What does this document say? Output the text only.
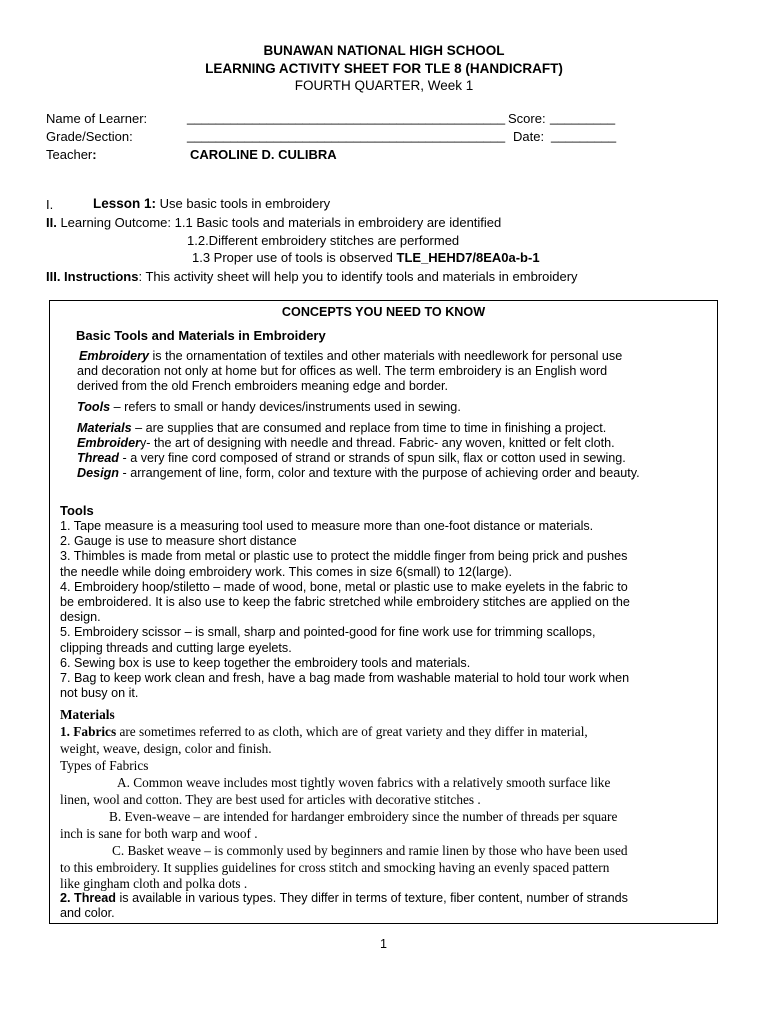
BUNAWAN NATIONAL HIGH SCHOOL
LEARNING ACTIVITY SHEET FOR TLE 8 (HANDICRAFT)
FOURTH QUARTER, Week 1
Name of Learner:	____________________________________________ Score: _________
Grade/Section:	____________________________________________ Date: _________
Teacher:	CAROLINE D. CULIBRA
I.	Lesson 1: Use basic tools in embroidery
II. Learning Outcome: 1.1 Basic tools and materials in embroidery are identified
1.2.Different embroidery stitches are performed
1.3 Proper use of tools is observed TLE_HEHD7/8EA0a-b-1
III. Instructions: This activity sheet will help you to identify tools and materials in embroidery
CONCEPTS YOU NEED TO KNOW
Basic Tools and Materials in Embroidery
Embroidery is the ornamentation of textiles and other materials with needlework for personal use
and decoration not only at home but for offices as well. The term embroidery is an English word
derived from the old French embroiders meaning edge and border.
Tools – refers to small or handy devices/instruments used in sewing.
Materials – are supplies that are consumed and replace from time to time in finishing a project.
Embroidery- the art of designing with needle and thread. Fabric- any woven, knitted or felt cloth.
Thread - a very fine cord composed of strand or strands of spun silk, flax or cotton used in sewing.
Design - arrangement of line, form, color and texture with the purpose of achieving order and beauty.
Tools
1. Tape measure is a measuring tool used to measure more than one-foot distance or materials.
2. Gauge is use to measure short distance
3. Thimbles is made from metal or plastic use to protect the middle finger from being prick and pushes
the needle while doing embroidery work. This comes in size 6(small) to 12(large).
4. Embroidery hoop/stiletto – made of wood, bone, metal or plastic use to make eyelets in the fabric to
be embroidered. It is also use to keep the fabric stretched while embroidery stitches are applied on the
design.
5. Embroidery scissor – is small, sharp and pointed-good for fine work use for trimming scallops,
clipping threads and cutting large eyelets.
6. Sewing box is use to keep together the embroidery tools and materials.
7. Bag to keep work clean and fresh, have a bag made from washable material to hold tour work when
not busy on it.
Materials
1. Fabrics are sometimes referred to as cloth, which are of great variety and they differ in material,
weight, weave, design, color and finish.
Types of Fabrics
A. Common weave includes most tightly woven fabrics with a relatively smooth surface like
linen, wool and cotton. They are best used for articles with decorative stitches .
B. Even-weave – are intended for hardanger embroidery since the number of threads per square
inch is sane for both warp and woof .
C. Basket weave – is commonly used by beginners and ramie linen by those who have been used
to this embroidery. It supplies guidelines for cross stitch and smocking having an evenly spaced pattern
like gingham cloth and polka dots .
2. Thread is available in various types. They differ in terms of texture, fiber content, number of strands
and color.
1
